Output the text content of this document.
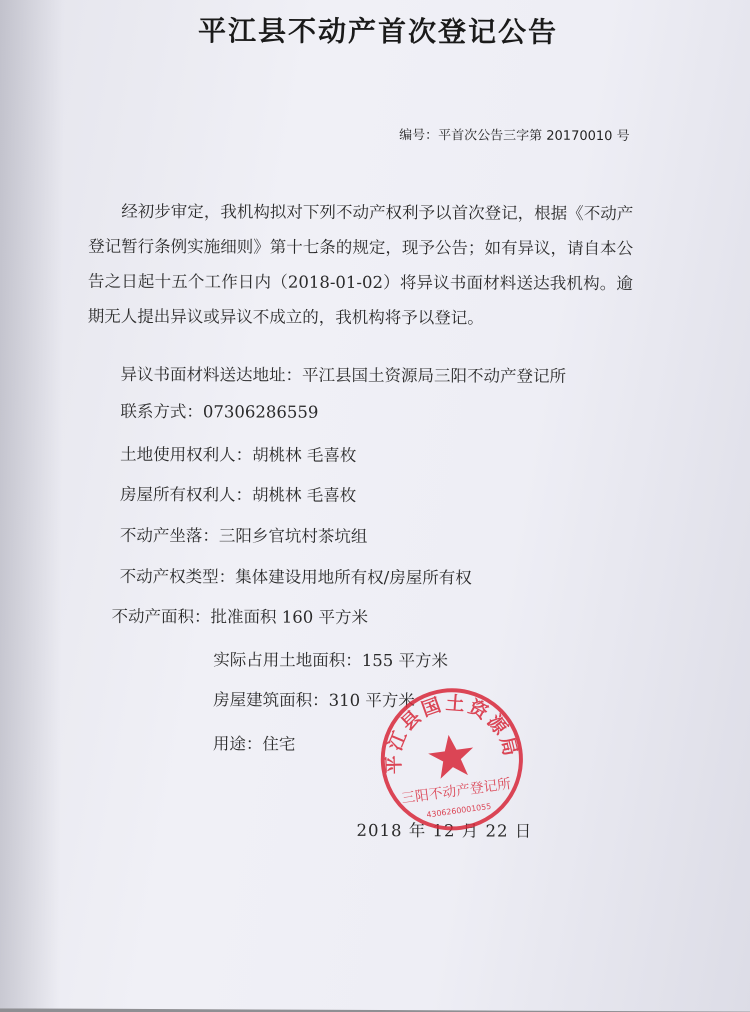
平江县不动产首次登记公告
编号：平首次公告三字第 20170010 号

经初步审定，我机构拟对下列不动产权利予以首次登记，根据《不动产登记暂行条例实施细则》第十七条的规定，现予公告；如有异议，请自本公告之日起十五个工作日内（2018-01-02）将异议书面材料送达我机构。逾期无人提出异议或异议不成立的，我机构将予以登记。

异议书面材料送达地址：平江县国土资源局三阳不动产登记所
联系方式：07306286559
土地使用权利人：胡桃林 毛喜枚
房屋所有权利人：胡桃林 毛喜枚
不动产坐落：三阳乡官坑村茶坑组
不动产权类型：集体建设用地所有权/房屋所有权
不动产面积：批准面积 160 平方米
实际占用土地面积：155 平方米
房屋建筑面积：310 平方米
用途：住宅
2018 年 12 月 22 日
平江县国土资源局
三阳不动产登记所
4306260001055
